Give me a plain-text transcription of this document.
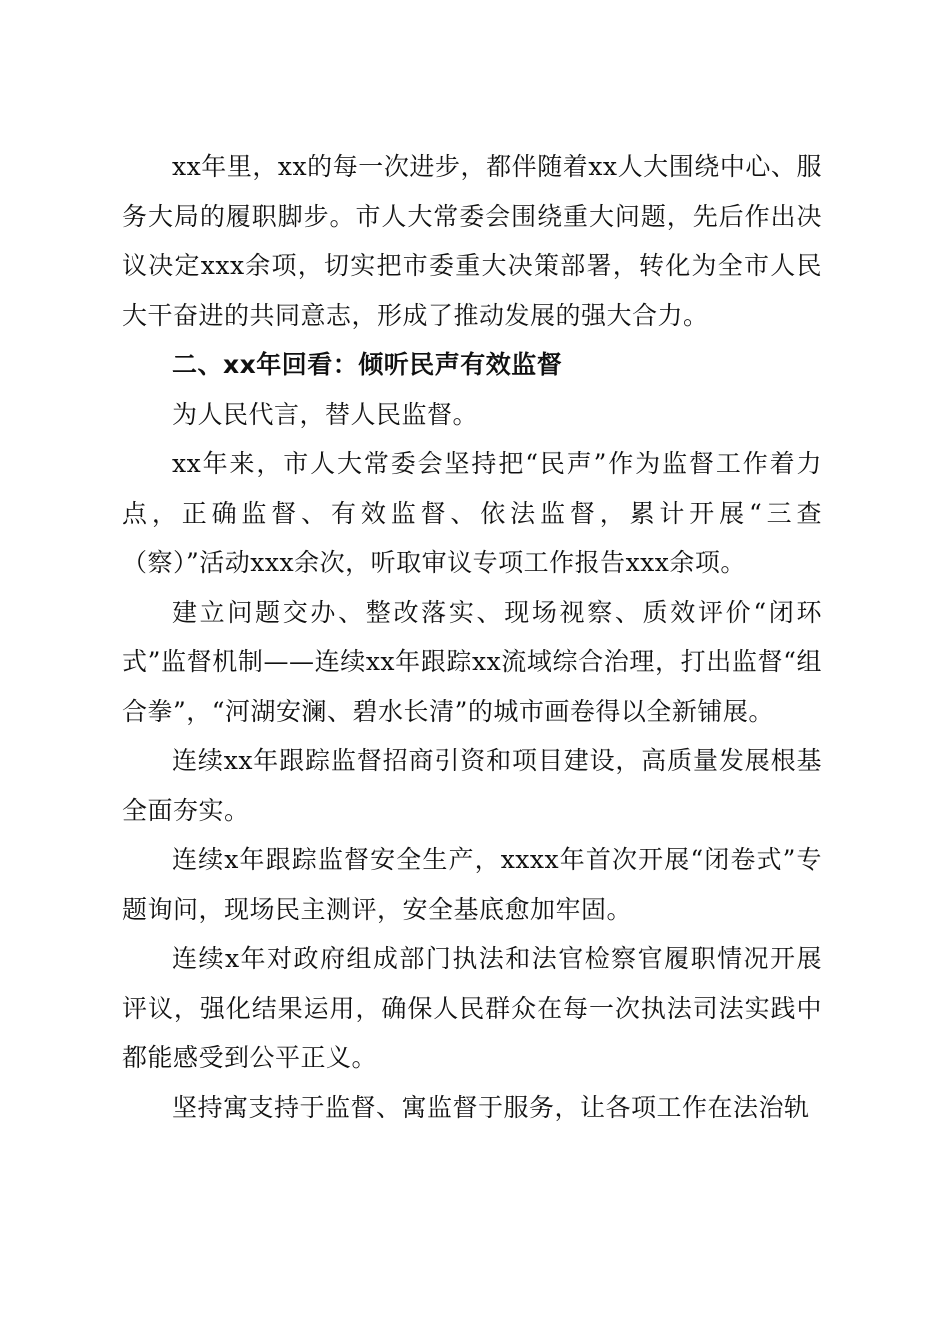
xx年里，xx的每一次进步，都伴随着xx人大围绕中心、服务大局的履职脚步。市人大常委会围绕重大问题，先后作出决议决定xxx余项，切实把市委重大决策部署，转化为全市人民大干奋进的共同意志，形成了推动发展的强大合力。

二、xx年回看：倾听民声有效监督

为人民代言，替人民监督。

xx年来，市人大常委会坚持把“民声”作为监督工作着力点，正确监督、有效监督、依法监督，累计开展“三查（察）”活动xxx余次，听取审议专项工作报告xxx余项。

建立问题交办、整改落实、现场视察、质效评价“闭环式”监督机制——连续xx年跟踪xx流域综合治理，打出监督“组合拳”，“河湖安澜、碧水长清”的城市画卷得以全新铺展。

连续xx年跟踪监督招商引资和项目建设，高质量发展根基全面夯实。

连续x年跟踪监督安全生产，xxxx年首次开展“闭卷式”专题询问，现场民主测评，安全基底愈加牢固。

连续x年对政府组成部门执法和法官检察官履职情况开展评议，强化结果运用，确保人民群众在每一次执法司法实践中都能感受到公平正义。

坚持寓支持于监督、寓监督于服务，让各项工作在法治轨
